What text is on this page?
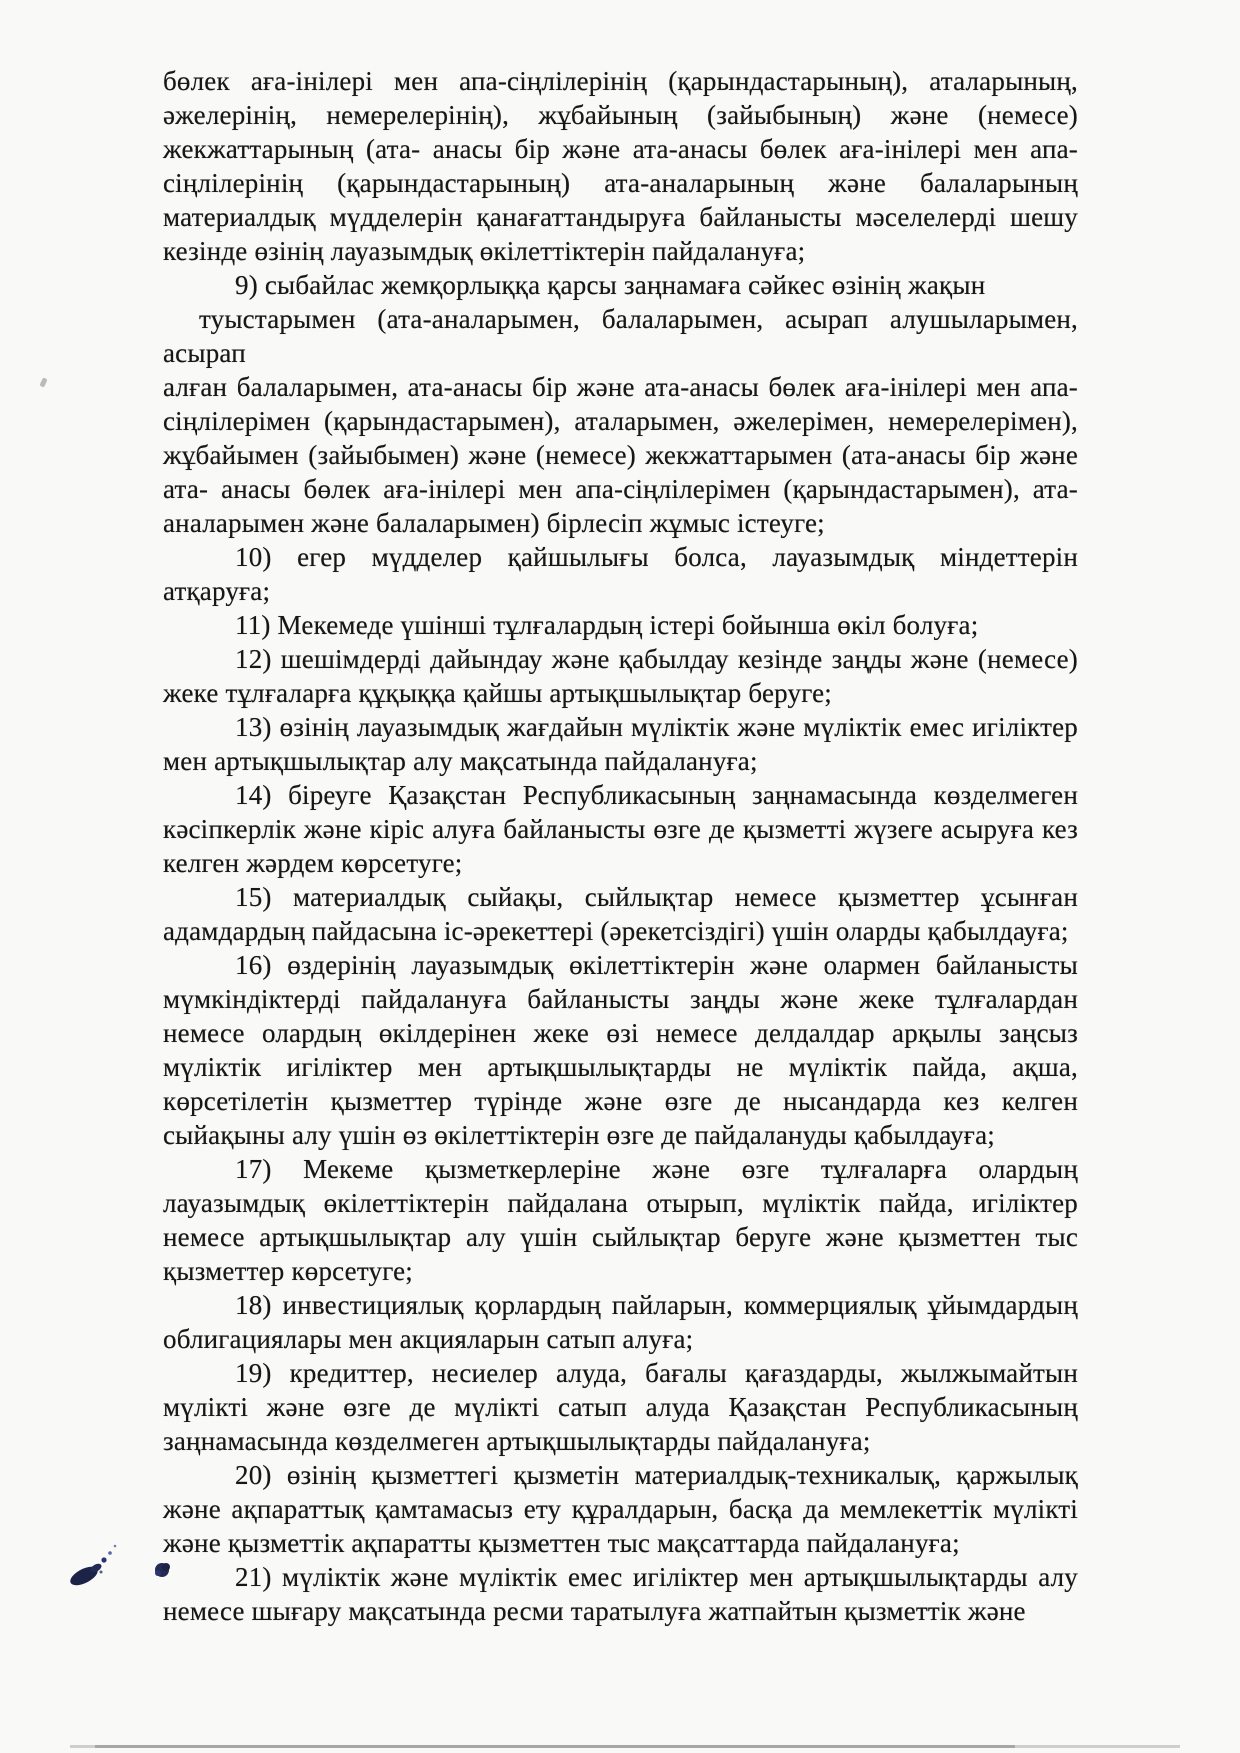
бөлек аға-інілері мен апа-сіңлілерінің (қарындастарының), аталарының, әжелерінің, немерелерінің), жұбайының (зайыбының) және (немесе) жекжаттарының (ата- анасы бір және ата-анасы бөлек аға-інілері мен апа-сіңлілерінің (қарындастарының) ата-аналарының және балаларының материалдық мүдделерін қанағаттандыруға байланысты мәселелерді шешу кезінде өзінің лауазымдық өкілеттіктерін пайдалануға;

9) сыбайлас жемқорлыққа қарсы заңнамаға сәйкес өзінің жақын

туыстарымен (ата-аналарымен, балаларымен, асырап алушыларымен,

асырап

алған балаларымен, ата-анасы бір және ата-анасы бөлек аға-інілері мен апа-сіңлілерімен (қарындастарымен), аталарымен, әжелерімен, немерелерімен), жұбайымен (зайыбымен) және (немесе) жекжаттарымен (ата-анасы бір және ата- анасы бөлек аға-інілері мен апа-сіңлілерімен (қарындастарымен), ата-аналарымен және балаларымен) бірлесіп жұмыс істеуге;

10) егер мүдделер қайшылығы болса, лауазымдық міндеттерін атқаруға;

11) Мекемеде үшінші тұлғалардың істері бойынша өкіл болуға;

12) шешімдерді дайындау және қабылдау кезінде заңды және (немесе) жеке тұлғаларға құқыққа қайшы артықшылықтар беруге;

13) өзінің лауазымдық жағдайын мүліктік және мүліктік емес игіліктер мен артықшылықтар алу мақсатында пайдалануға;

14) біреуге Қазақстан Республикасының заңнамасында көзделмеген кәсіпкерлік және кіріс алуға байланысты өзге де қызметті жүзеге асыруға кез келген жәрдем көрсетуге;

15) материалдық сыйақы, сыйлықтар немесе қызметтер ұсынған адамдардың пайдасына іс-әрекеттері (әрекетсіздігі) үшін оларды қабылдауға;

16) өздерінің лауазымдық өкілеттіктерін және олармен байланысты мүмкіндіктерді пайдалануға байланысты заңды және жеке тұлғалардан немесе олардың өкілдерінен жеке өзі немесе делдалдар арқылы заңсыз мүліктік игіліктер мен артықшылықтарды не мүліктік пайда, ақша, көрсетілетін қызметтер түрінде және өзге де нысандарда кез келген сыйақыны алу үшін өз өкілеттіктерін өзге де пайдалануды қабылдауға;

17) Мекеме қызметкерлеріне және өзге тұлғаларға олардың лауазымдық өкілеттіктерін пайдалана отырып, мүліктік пайда, игіліктер немесе артықшылықтар алу үшін сыйлықтар беруге және қызметтен тыс қызметтер көрсетуге;

18) инвестициялық қорлардың пайларын, коммерциялық ұйымдардың облигациялары мен акцияларын сатып алуға;

19) кредиттер, несиелер алуда, бағалы қағаздарды, жылжымайтын мүлікті және өзге де мүлікті сатып алуда Қазақстан Республикасының заңнамасында көзделмеген артықшылықтарды пайдалануға;

20) өзінің қызметтегі қызметін материалдық-техникалық, қаржылық және ақпараттық қамтамасыз ету құралдарын, басқа да мемлекеттік мүлікті және қызметтік ақпаратты қызметтен тыс мақсаттарда пайдалануға;

21) мүліктік және мүліктік емес игіліктер мен артықшылықтарды алу немесе шығару мақсатында ресми таратылуға жатпайтын қызметтік және
